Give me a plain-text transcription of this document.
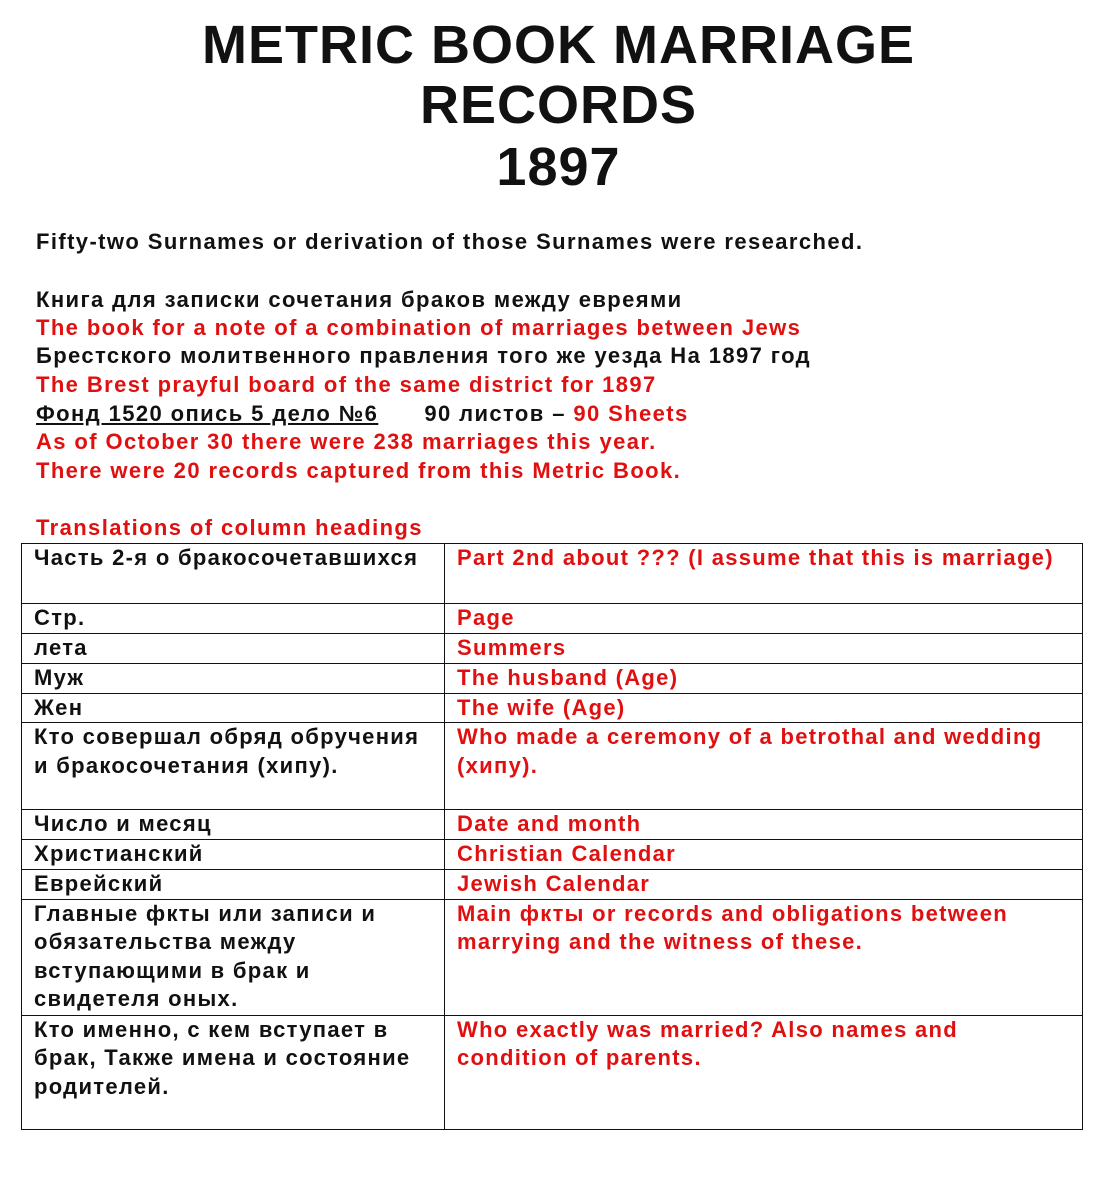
METRIC BOOK MARRIAGE
RECORDS
1897
Fifty-two Surnames or derivation of those Surnames were researched.
Книга для записки сочетания браков между евреями
The book for a note of a combination of marriages between Jews
Брестского молитвенного правления того же уезда На 1897 год
The Brest prayful board of the same district for 1897
Фонд 1520 опись 5 дело №6 90 листов – 90 Sheets
As of October 30 there were 238 marriages this year.
There were 20 records captured from this Metric Book.
Translations of column headings
Часть 2-я о бракосочетавшихся	Part 2nd about ??? (I assume that this is marriage)
Стр.	Page
лета	Summers
Муж	The husband (Age)
Жен	The wife (Age)
Кто совершал обряд обручения и бракосочетания (хипу).	Who made a ceremony of a betrothal and wedding (хипу).
Число и месяц	Date and month
Христианский	Christian Calendar
Еврейский	Jewish Calendar
Главные фкты или записи и обязательства между вступающими в брак и свидетеля оных.	Main фкты or records and obligations between marrying and the witness of these.
Кто именно, с кем вступает в брак, Также имена и состояние родителей.	Who exactly was married? Also names and condition of parents.
